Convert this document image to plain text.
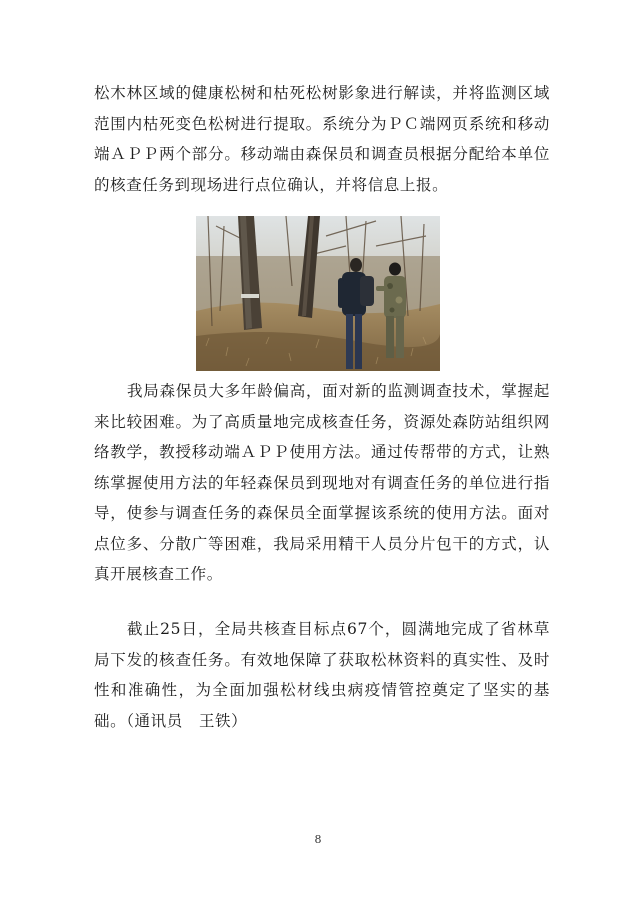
松木林区域的健康松树和枯死松树影象进行解读，并将监测区域范围内枯死变色松树进行提取。系统分为ＰＣ端网页系统和移动端ＡＰＰ两个部分。移动端由森保员和调查员根据分配给本单位的核查任务到现场进行点位确认，并将信息上报。

我局森保员大多年龄偏高，面对新的监测调查技术，掌握起来比较困难。为了高质量地完成核查任务，资源处森防站组织网络教学，教授移动端ＡＰＰ使用方法。通过传帮带的方式，让熟练掌握使用方法的年轻森保员到现地对有调查任务的单位进行指导，使参与调查任务的森保员全面掌握该系统的使用方法。面对点位多、分散广等困难，我局采用精干人员分片包干的方式，认真开展核查工作。

截止25日，全局共核查目标点67个，圆满地完成了省林草局下发的核查任务。有效地保障了获取松林资料的真实性、及时性和准确性，为全面加强松材线虫病疫情管控奠定了坚实的基础。（通讯员　王铁）

8
